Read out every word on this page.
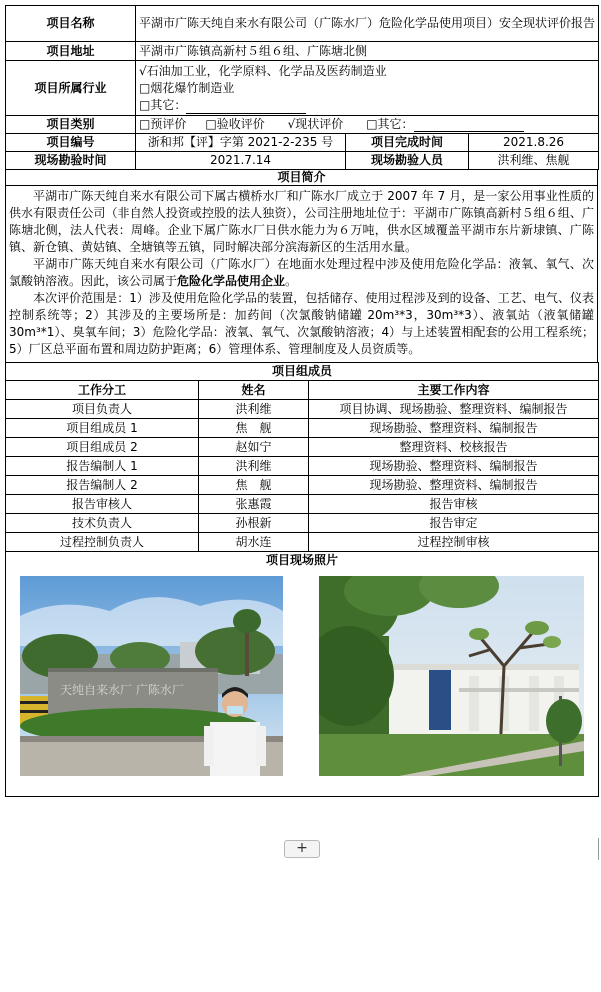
项目名称	平湖市广陈天纯自来水有限公司（广陈水厂）危险化学品使用项目）安全现状评价报告		
项目地址	平湖市广陈镇高新村５组６组、广陈塘北侧		
项目所属行业	√石油加工业，化学原料、化学品及医药制造业
□烟花爆竹制造业
□其它：		

项目类别	□预评价 □验收评价 √现状评价 □其它：		
项目编号	浙和邦【评】字第 2021-2-235 号	项目完成时间	2021.8.26
现场勘验时间	2021.7.14	现场勘验人员	洪利维、焦舰
项目简介

平湖市广陈天纯自来水有限公司下属古横桥水厂和广陈水厂成立于 2007 年 7 月，是一家公用事业性质的供水有限责任公司（非自然人投资或控股的法人独资），公司注册地址位于：平湖市广陈镇高新村５组６组、广陈塘北侧，法人代表：周峰。企业下属广陈水厂日供水能力为６万吨，供水区域覆盖平湖市东片新埭镇、广陈镇、新仓镇、黄姑镇、全塘镇等五镇，同时解决部分滨海新区的生活用水量。

平湖市广陈天纯自来水有限公司（广陈水厂）在地面水处理过程中涉及使用危险化学品：液氧、氧气、次氯酸钠溶液。因此，该公司属于危险化学品使用企业。

本次评价范围是：1）涉及使用危险化学品的装置，包括储存、使用过程涉及到的设备、工艺、电气、仪表控制系统等；2）其涉及的主要场所是：加药间（次氯酸钠储罐 20m³*3，30m³*3）、液氧站（液氧储罐 30m³*1）、臭氧车间；3）危险化学品：液氧、氧气、次氯酸钠溶液；4）与上述装置相配套的公用工程系统；5）厂区总平面布置和周边防护距离；6）管理体系、管理制度及人员资质等。

项目组成员		
工作分工	姓名	主要工作内容
项目负责人	洪利维	项目协调、现场勘验、整理资料、编制报告
项目组成员 1	焦　舰	现场勘验、整理资料、编制报告
项目组成员 2	赵如宁	整理资料、校核报告
报告编制人 1	洪利维	现场勘验、整理资料、编制报告
报告编制人 2	焦　舰	现场勘验、整理资料、编制报告
报告审核人	张惠霞	报告审核
技术负责人	孙根新	报告审定
过程控制负责人	胡水连	过程控制审核
项目现场照片		

天纯自来水厂 广陈水厂		
+
